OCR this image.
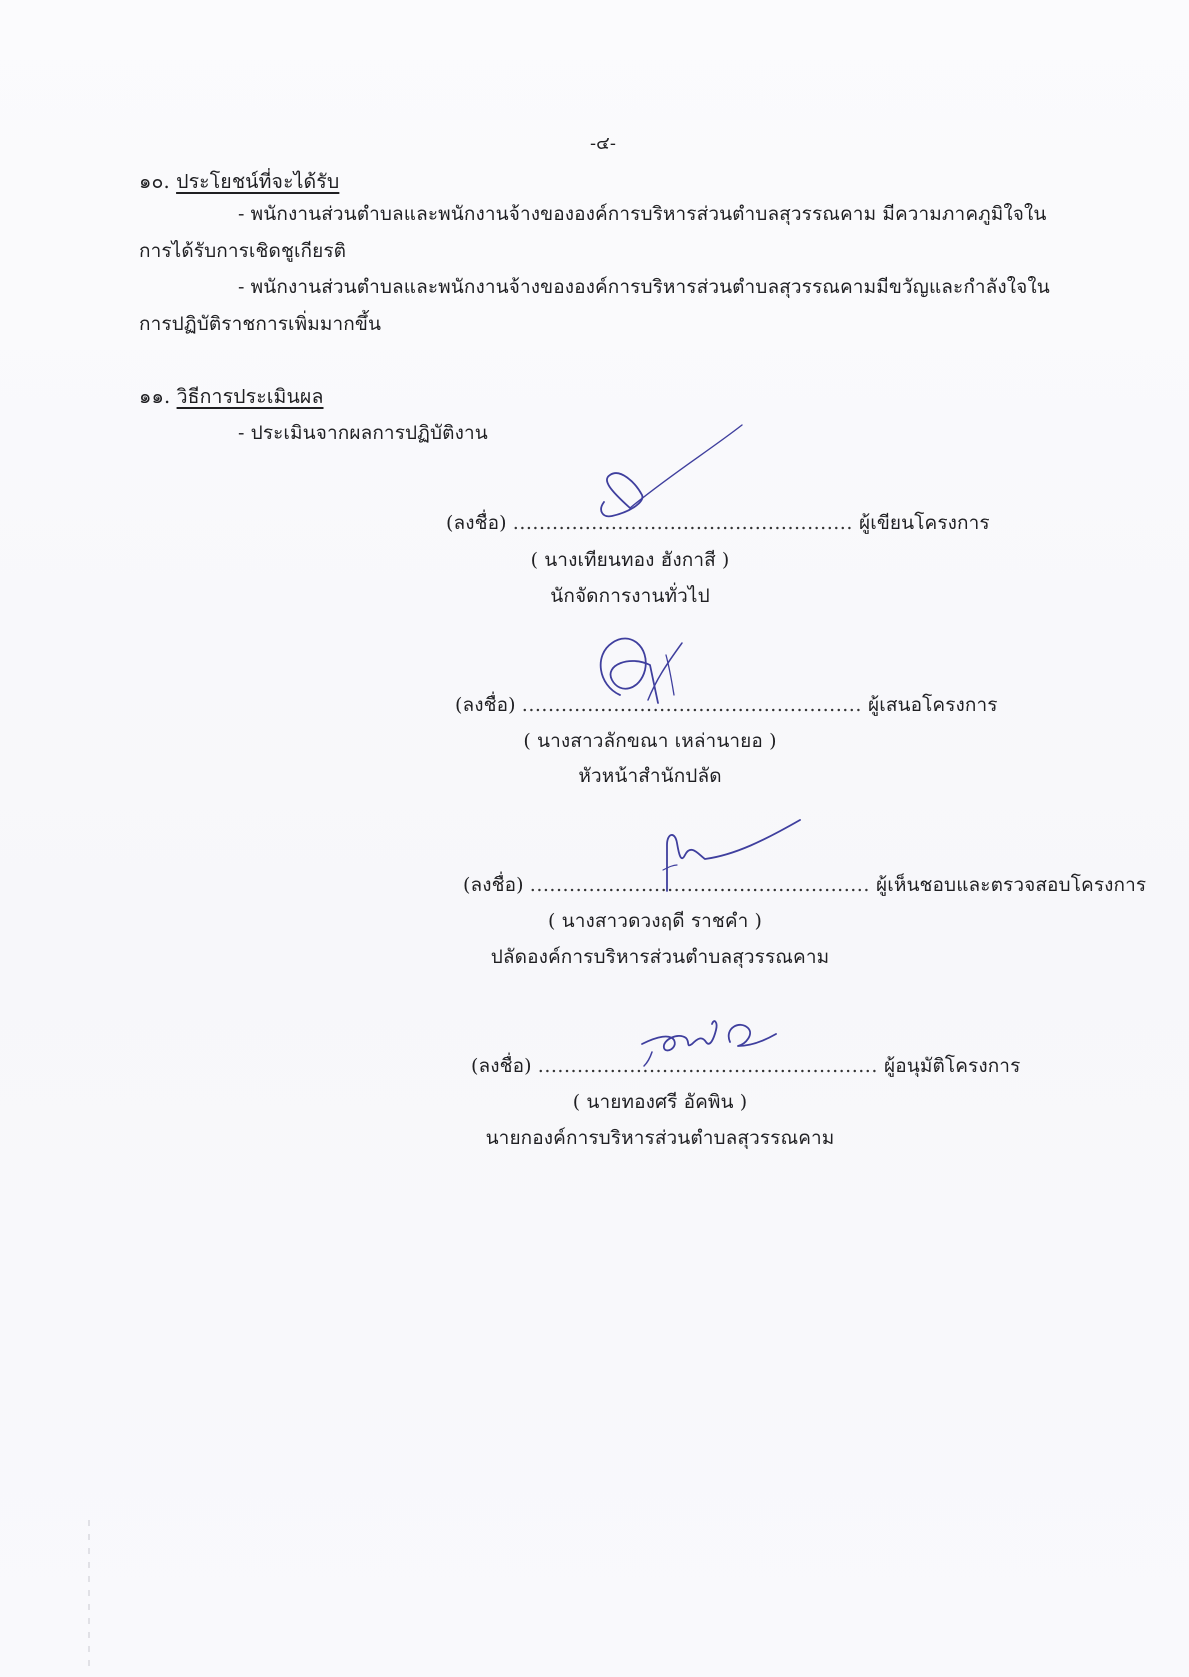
-๔-
๑๐. ประโยชน์ที่จะได้รับ
- พนักงานส่วนตำบลและพนักงานจ้างขององค์การบริหารส่วนตำบลสุวรรณคาม มีความภาคภูมิใจใน
การได้รับการเชิดชูเกียรติ
- พนักงานส่วนตำบลและพนักงานจ้างขององค์การบริหารส่วนตำบลสุวรรณคามมีขวัญและกำลังใจใน
การปฏิบัติราชการเพิ่มมากขึ้น
๑๑. วิธีการประเมินผล
- ประเมินจากผลการปฏิบัติงาน
(ลงชื่อ) .................................................... ผู้เขียนโครงการ
( นางเทียนทอง ฮังกาสี )
นักจัดการงานทั่วไป
(ลงชื่อ) .................................................... ผู้เสนอโครงการ
( นางสาวลักขณา เหล่านายอ )
หัวหน้าสำนักปลัด
(ลงชื่อ) .................................................... ผู้เห็นชอบและตรวจสอบโครงการ
( นางสาวดวงฤดี ราชคำ )
ปลัดองค์การบริหารส่วนตำบลสุวรรณคาม
(ลงชื่อ) .................................................... ผู้อนุมัติโครงการ
( นายทองศรี อัคพิน )
นายกองค์การบริหารส่วนตำบลสุวรรณคาม
